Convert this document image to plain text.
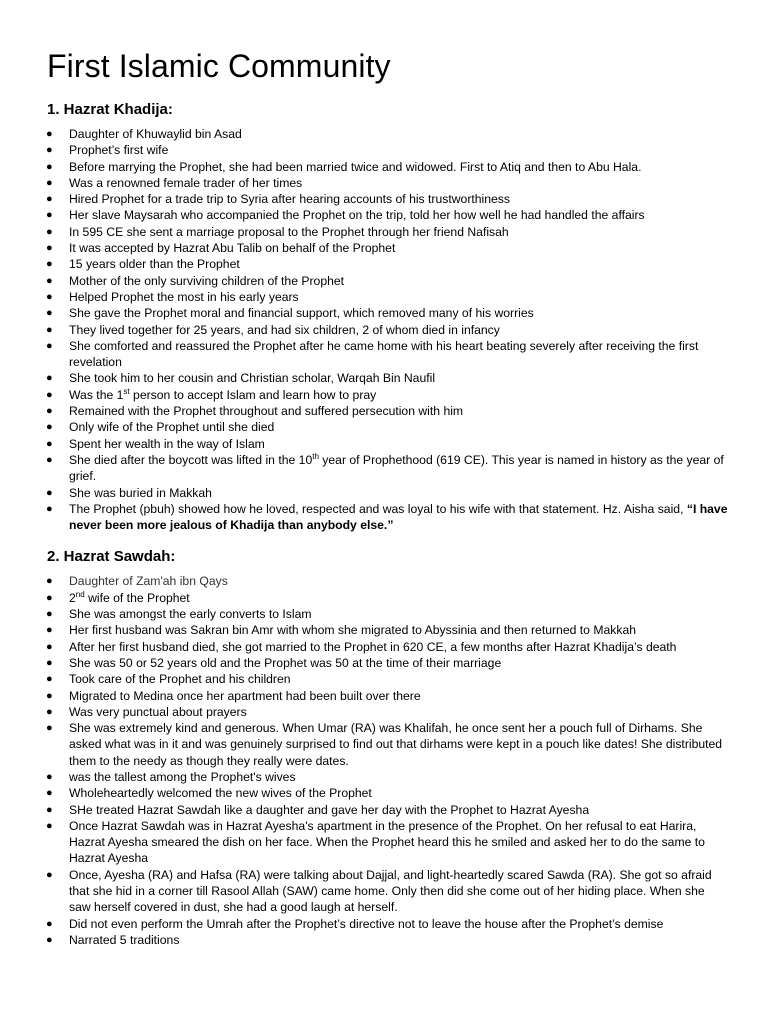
First Islamic Community
1. Hazrat Khadija:
● Daughter of Khuwaylid bin Asad
● Prophet’s first wife
● Before marrying the Prophet, she had been married twice and widowed. First to Atiq and then to Abu Hala.
● Was a renowned female trader of her times
● Hired Prophet for a trade trip to Syria after hearing accounts of his trustworthiness
● Her slave Maysarah who accompanied the Prophet on the trip, told her how well he had handled the affairs
● In 595 CE she sent a marriage proposal to the Prophet through her friend Nafisah
● It was accepted by Hazrat Abu Talib on behalf of the Prophet
● 15 years older than the Prophet
● Mother of the only surviving children of the Prophet
● Helped Prophet the most in his early years
● She gave the Prophet moral and financial support, which removed many of his worries
● They lived together for 25 years, and had six children, 2 of whom died in infancy
● She comforted and reassured the Prophet after he came home with his heart beating severely after receiving the first revelation
● She took him to her cousin and Christian scholar, Warqah Bin Naufil
● Was the 1st person to accept Islam and learn how to pray
● Remained with the Prophet throughout and suffered persecution with him
● Only wife of the Prophet until she died
● Spent her wealth in the way of Islam
● She died after the boycott was lifted in the 10th year of Prophethood (619 CE). This year is named in history as the year of grief.
● She was buried in Makkah
● The Prophet (pbuh) showed how he loved, respected and was loyal to his wife with that statement. Hz. Aisha said, “I have never been more jealous of Khadija than anybody else.”
2. Hazrat Sawdah:
● Daughter of Zam'ah ibn Qays
● 2nd wife of the Prophet
● She was amongst the early converts to Islam
● Her first husband was Sakran bin Amr with whom she migrated to Abyssinia and then returned to Makkah
● After her first husband died, she got married to the Prophet in 620 CE, a few months after Hazrat Khadija’s death
● She was 50 or 52 years old and the Prophet was 50 at the time of their marriage
● Took care of the Prophet and his children
● Migrated to Medina once her apartment had been built over there
● Was very punctual about prayers
● She was extremely kind and generous. When Umar (RA) was Khalifah, he once sent her a pouch full of Dirhams. She asked what was in it and was genuinely surprised to find out that dirhams were kept in a pouch like dates! She distributed them to the needy as though they really were dates.
● was the tallest among the Prophet's wives
● Wholeheartedly welcomed the new wives of the Prophet
● SHe treated Hazrat Sawdah like a daughter and gave her day with the Prophet to Hazrat Ayesha
● Once Hazrat Sawdah was in Hazrat Ayesha's apartment in the presence of the Prophet. On her refusal to eat Harira, Hazrat Ayesha smeared the dish on her face. When the Prophet heard this he smiled and asked her to do the same to Hazrat Ayesha
● Once, Ayesha (RA) and Hafsa (RA) were talking about Dajjal, and light-heartedly scared Sawda (RA). She got so afraid that she hid in a corner till Rasool Allah (SAW) came home. Only then did she come out of her hiding place. When she saw herself covered in dust, she had a good laugh at herself.
● Did not even perform the Umrah after the Prophet’s directive not to leave the house after the Prophet’s demise
● Narrated 5 traditions
